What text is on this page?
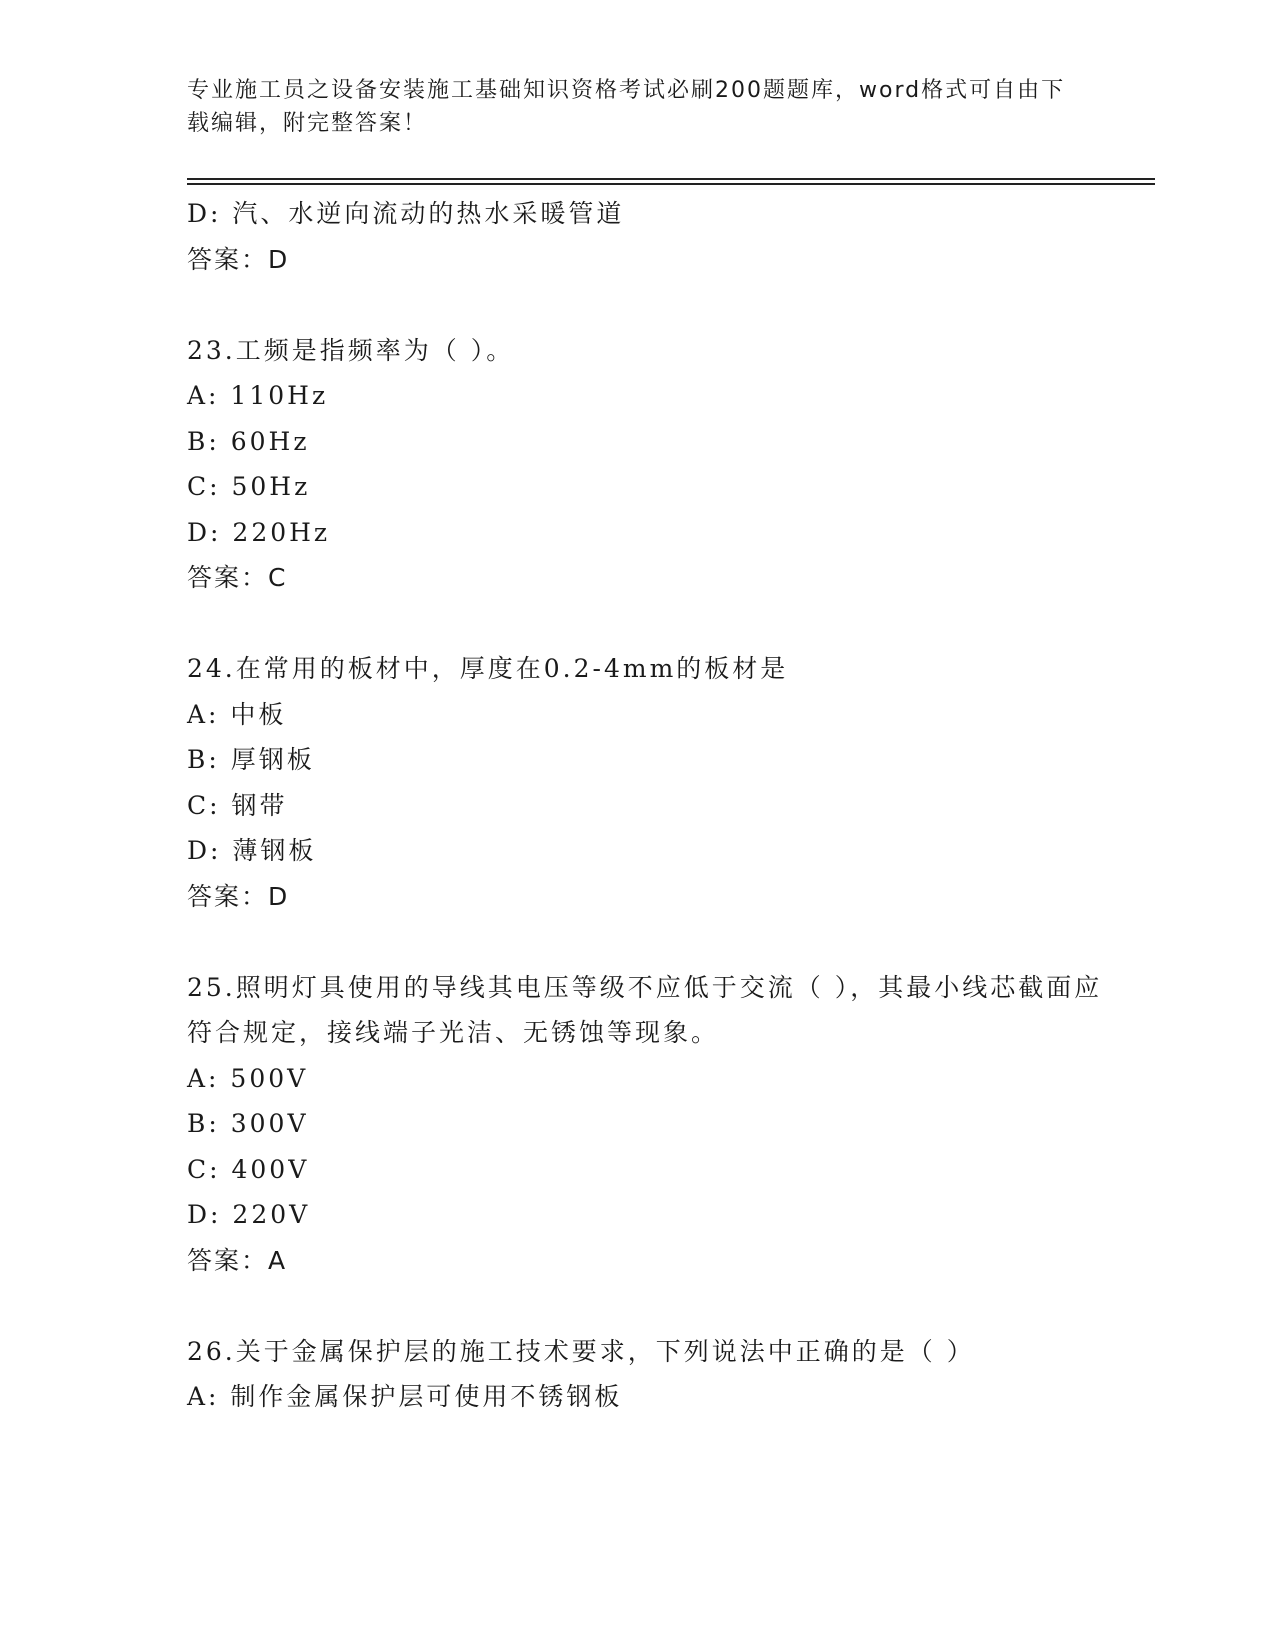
专业施工员之设备安装施工基础知识资格考试必刷200题题库，word格式可自由下载编辑，附完整答案！
D: 汽、水逆向流动的热水采暖管道
答案：D
23.工频是指频率为（ ）。
A: 110Hz
B: 60Hz
C: 50Hz
D: 220Hz
答案：C
24.在常用的板材中，厚度在0.2-4mm的板材是
A: 中板
B: 厚钢板
C: 钢带
D: 薄钢板
答案：D
25.照明灯具使用的导线其电压等级不应低于交流（ ），其最小线芯截面应符合规定，接线端子光洁、无锈蚀等现象。
A: 500V
B: 300V
C: 400V
D: 220V
答案：A
26.关于金属保护层的施工技术要求，下列说法中正确的是（ ）
A: 制作金属保护层可使用不锈钢板
